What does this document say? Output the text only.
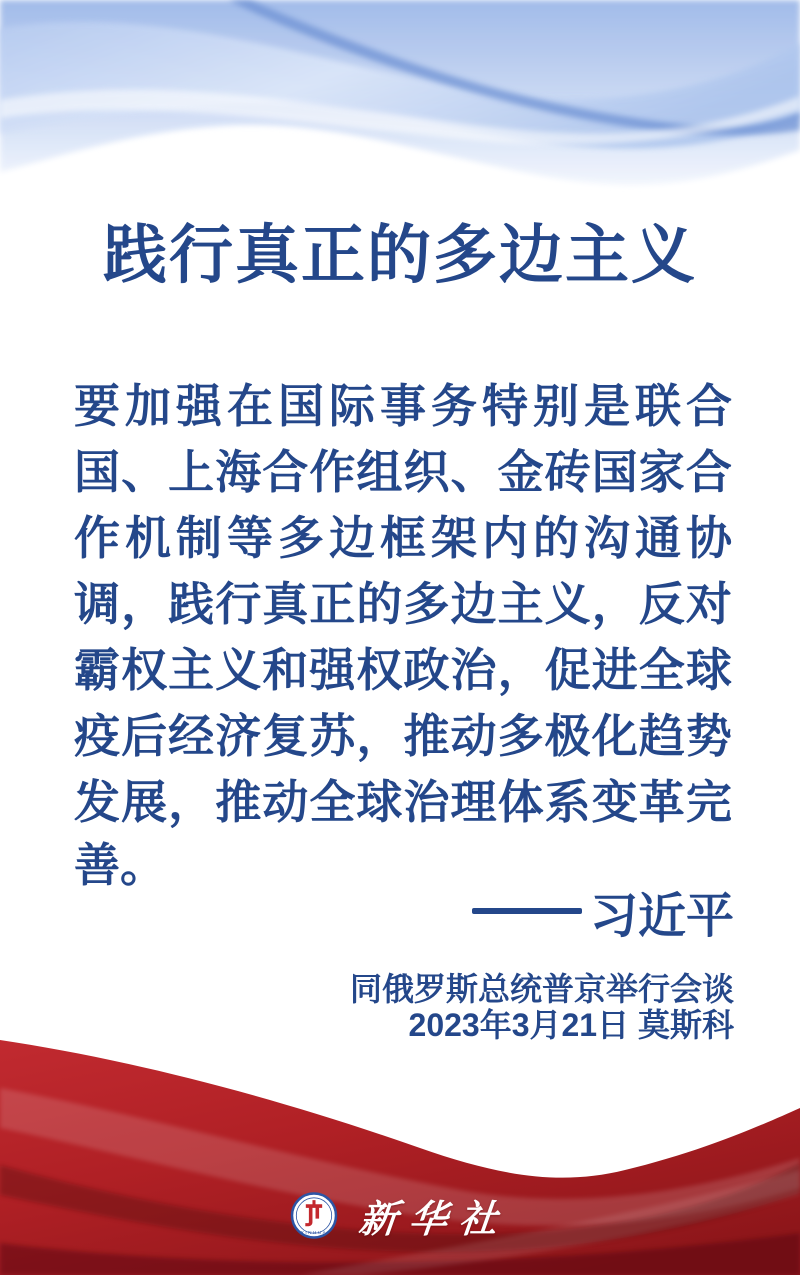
践行真正的多边主义
要 加 强 在 国 际 事 务 特 别 是 联 合
国 、 上 海 合 作 组 织 、 金 砖 国 家 合
作 机 制 等 多 边 框 架 内 的 沟 通 协
调 ， 践 行 真 正 的 多 边 主 义 ， 反 对
霸 权 主 义 和 强 权 政 治 ， 促 进 全 球
疫 后 经 济 复 苏 ， 推 动 多 极 化 趋 势
发 展 ， 推 动 全 球 治 理 体 系 变 革 完
善。
习近平
同俄罗斯总统普京举行会谈
2023年3月21日 莫斯科
XINHUA 新华社
